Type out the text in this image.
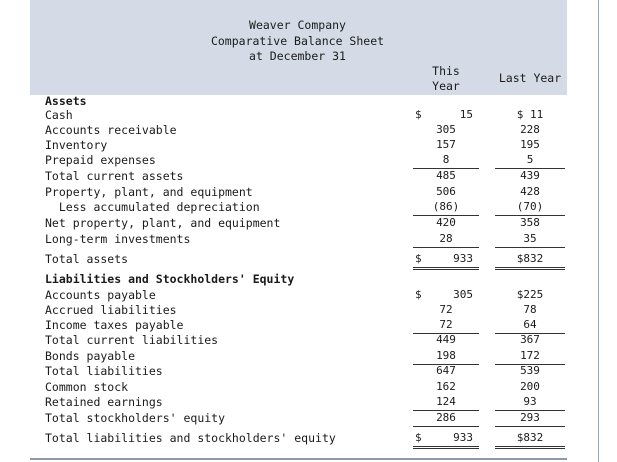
Weaver Company
Comparative Balance Sheet
at December 31
This
Year
Last Year
Assets
Cash	$	15	$ 11
Accounts receivable	305	228
Inventory	157	195
Prepaid expenses	8	5
Total current assets	485	439
Property, plant, and equipment	506	428
Less accumulated depreciation	(86)	(70)
Net property, plant, and equipment	420	358
Long-term investments	28	35
Total assets	$	933	$832
Liabilities and Stockholders' Equity
Accounts payable	$	305	$225
Accrued liabilities	72	78
Income taxes payable	72	64
Total current liabilities	449	367
Bonds payable	198	172
Total liabilities	647	539
Common stock	162	200
Retained earnings	124	93
Total stockholders' equity	286	293
Total liabilities and stockholders' equity	$	933	$832
